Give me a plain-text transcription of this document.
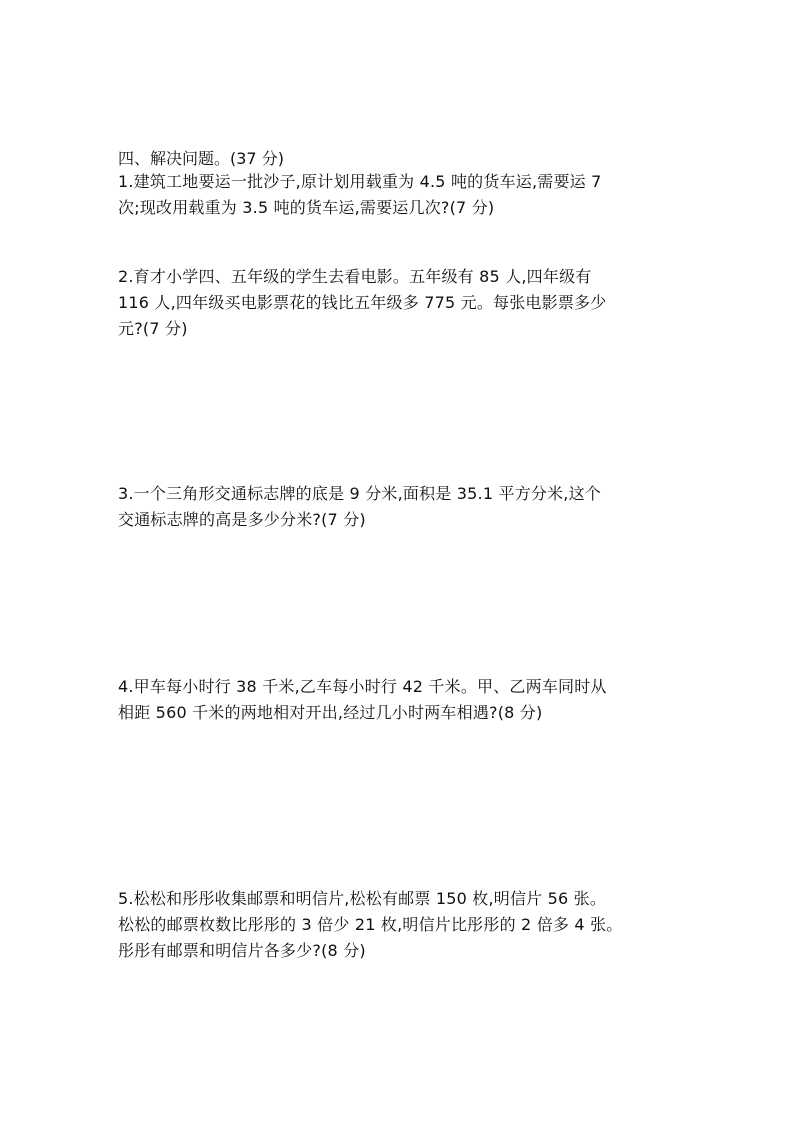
四、解决问题。(37 分)
1.建筑工地要运一批沙子,原计划用载重为 4.5 吨的货车运,需要运 7
次;现改用载重为 3.5 吨的货车运,需要运几次?(7 分)
2.育才小学四、五年级的学生去看电影。五年级有 85 人,四年级有
116 人,四年级买电影票花的钱比五年级多 775 元。每张电影票多少
元?(7 分)
3.一个三角形交通标志牌的底是 9 分米,面积是 35.1 平方分米,这个
交通标志牌的高是多少分米?(7 分)
4.甲车每小时行 38 千米,乙车每小时行 42 千米。甲、乙两车同时从
相距 560 千米的两地相对开出,经过几小时两车相遇?(8 分)
5.松松和彤彤收集邮票和明信片,松松有邮票 150 枚,明信片 56 张。
松松的邮票枚数比彤彤的 3 倍少 21 枚,明信片比彤彤的 2 倍多 4 张。
彤彤有邮票和明信片各多少?(8 分)
